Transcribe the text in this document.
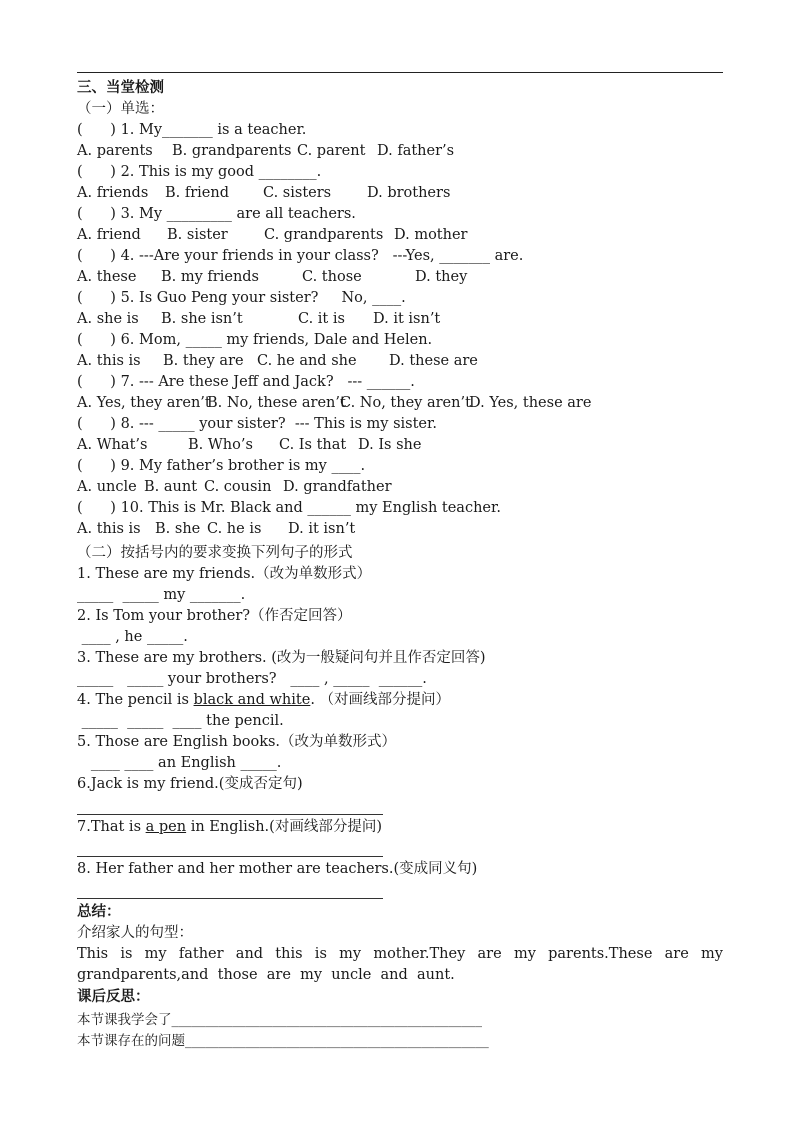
三、当堂检测
（一）单选：
(      ) 1. My_______ is a teacher.
A. parents B. grandparents C. parent D. father’s
(      ) 2. This is my good ________.
A. friends B. friend C. sisters D. brothers
(      ) 3. My _________ are all teachers.
A. friend B. sister	C. grandparents D. mother
(      ) 4. ---Are your friends in your class?   ---Yes, _______ are.
A. these B. my friends	C. those	D. they
(      ) 5. Is Guo Peng your sister?     No, ____.
A. she is B. she isn’t	C. it is D. it isn’t
(      ) 6. Mom, _____ my friends, Dale and Helen.
A. this is B. they are C. he and she D. these are
(      ) 7. --- Are these Jeff and Jack?   --- ______.
A. Yes, they aren’t
B. No, these aren’t
C. No, they aren’t
D. Yes, these are
(      ) 8. --- _____ your sister?  --- This is my sister.
A. What’s	B. Who’s C. Is that D. Is she
(      ) 9. My father’s brother is my ____.
A. uncle B. aunt C. cousin D. grandfather
(      ) 10. This is Mr. Black and ______ my English teacher.
A. this is B. she C. he is D. it isn’t
（二）按括号内的要求变换下列句子的形式
1. These are my friends.（改为单数形式）
_____  _____ my _______.
2. Is Tom your brother?（作否定回答）
____ , he _____.
3. These are my brothers. (改为一般疑问句并且作否定回答)
_____   _____ your brothers?   ____ , _____  ______.
4. The pencil is black and white. （对画线部分提问）
_____  _____  ____ the pencil.
5. Those are English books.（改为单数形式）
____ ____ an English _____.
6.Jack is my friend.(变成否定句)
7.That is a pen in English.(对画线部分提问)
8. Her father and her mother are teachers.(变成同义句)
总结：
介绍家人的句型：
This is my father and this is my mother.They are my parents.These are my
grandparents,and  those  are  my  uncle  and  aunt.
课后反思：
本节课我学会了______________________________________________
本节课存在的问题_____________________________________________
